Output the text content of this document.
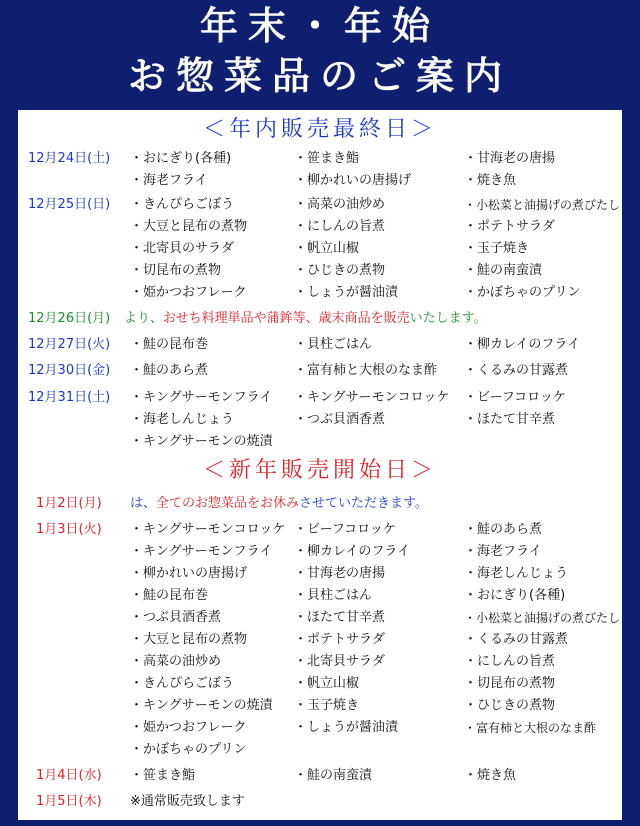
年末・年始
お惣菜品のご案内
＜年内販売最終日＞
12月24日(土) ・おにぎり(各種)	・笹まき鮨	・甘海老の唐揚
・海老フライ	・柳かれいの唐揚げ	・焼き魚
12月25日(日) ・きんぴらごぼう	・高菜の油炒め	・小松菜と油揚げの煮びたし
・大豆と昆布の煮物	・にしんの旨煮	・ポテトサラダ
・北寄貝のサラダ	・帆立山椒	・玉子焼き
・切昆布の煮物	・ひじきの煮物	・鮭の南蛮漬
・姫かつおフレーク	・しょうが醤油漬	・かぼちゃのプリン
12月26日(月) より、おせち料理単品や蒲鉾等、歳末商品を販売いたします。
12月27日(火) ・鮭の昆布巻	・貝柱ごはん	・柳カレイのフライ
12月30日(金) ・鮭のあら煮	・富有柿と大根のなま酢 ・くるみの甘露煮
12月31日(土) ・キングサーモンフライ ・キングサーモンコロッケ ・ビーフコロッケ
・海老しんじょう	・つぶ貝酒香煮	・ほたて甘辛煮
・キングサーモンの焼漬
＜新年販売開始日＞
1月2日(月) は、全てのお惣菜品をお休みさせていただきます。
1月3日(火) ・キングサーモンコロッケ ・ビーフコロッケ	・鮭のあら煮
・キングサーモンフライ ・柳カレイのフライ	・海老フライ
・柳かれいの唐揚げ	・甘海老の唐揚	・海老しんじょう
・鮭の昆布巻	・貝柱ごはん	・おにぎり(各種)
・つぶ貝酒香煮	・ほたて甘辛煮	・小松菜と油揚げの煮びたし
・大豆と昆布の煮物	・ポテトサラダ	・くるみの甘露煮
・高菜の油炒め	・北寄貝サラダ	・にしんの旨煮
・きんぴらごぼう	・帆立山椒	・切昆布の煮物
・キングサーモンの焼漬 ・玉子焼き	・ひじきの煮物
・姫かつおフレーク	・しょうが醤油漬	・富有柿と大根のなま酢
・かぼちゃのプリン
1月4日(水) ・笹まき鮨	・鮭の南蛮漬	・焼き魚
1月5日(木) ※通常販売致します
